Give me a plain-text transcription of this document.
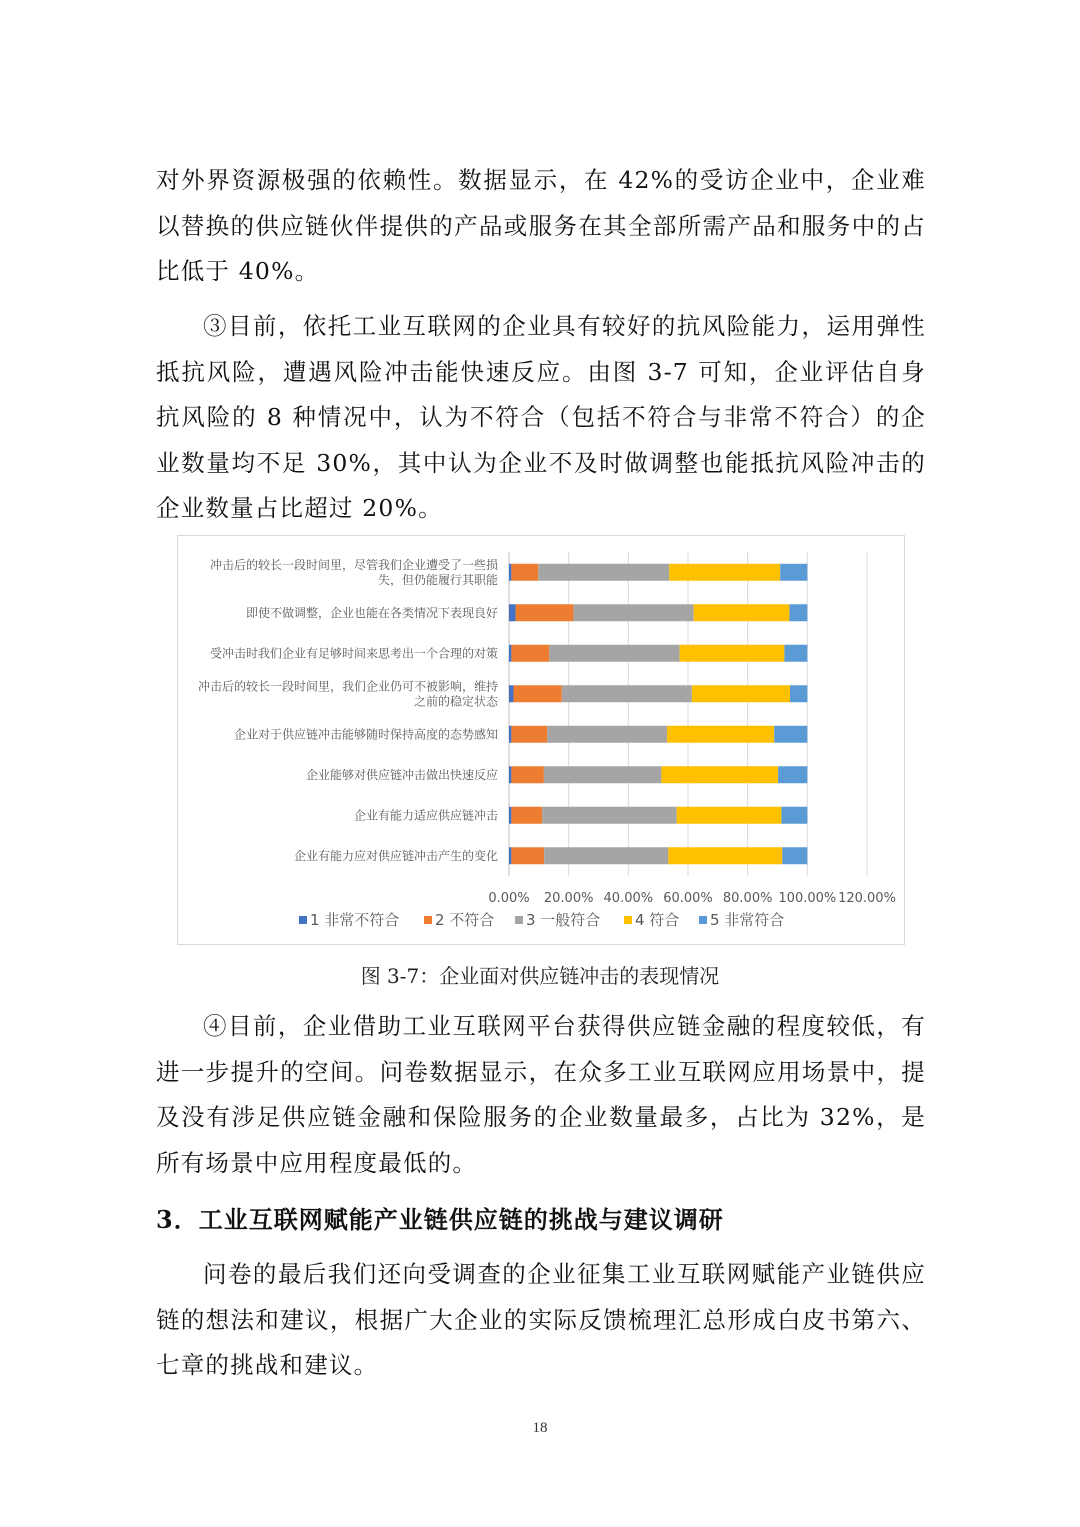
对外界资源极强的依赖性。数据显示，在 42%的受访企业中，企业难以替换的供应链伙伴提供的产品或服务在其全部所需产品和服务中的占比低于 40%。

③目前，依托工业互联网的企业具有较好的抗风险能力，运用弹性抵抗风险，遭遇风险冲击能快速反应。由图 3-7 可知，企业评估自身抗风险的 8 种情况中，认为不符合（包括不符合与非常不符合）的企业数量均不足 30%，其中认为企业不及时做调整也能抵抗风险冲击的企业数量占比超过 20%。

冲击后的较长一段时间里，尽管我们企业遭受了一些损
失，但仍能履行其职能
即使不做调整，企业也能在各类情况下表现良好
受冲击时我们企业有足够时间来思考出一个合理的对策
冲击后的较长一段时间里，我们企业仍可不被影响，维持
之前的稳定状态
企业对于供应链冲击能够随时保持高度的态势感知
企业能够对供应链冲击做出快速反应
企业有能力适应供应链冲击
企业有能力应对供应链冲击产生的变化
0.00% 20.00% 40.00% 60.00% 80.00% 100.00% 120.00%
1 非常不符合 2 不符合 3 一般符合 4 符合 5 非常符合

图 3-7：企业面对供应链冲击的表现情况

④目前，企业借助工业互联网平台获得供应链金融的程度较低，有进一步提升的空间。问卷数据显示，在众多工业互联网应用场景中，提及没有涉足供应链金融和保险服务的企业数量最多，占比为 32%，是所有场景中应用程度最低的。

3．工业互联网赋能产业链供应链的挑战与建议调研

问卷的最后我们还向受调查的企业征集工业互联网赋能产业链供应链的想法和建议，根据广大企业的实际反馈梳理汇总形成白皮书第六、七章的挑战和建议。

18
